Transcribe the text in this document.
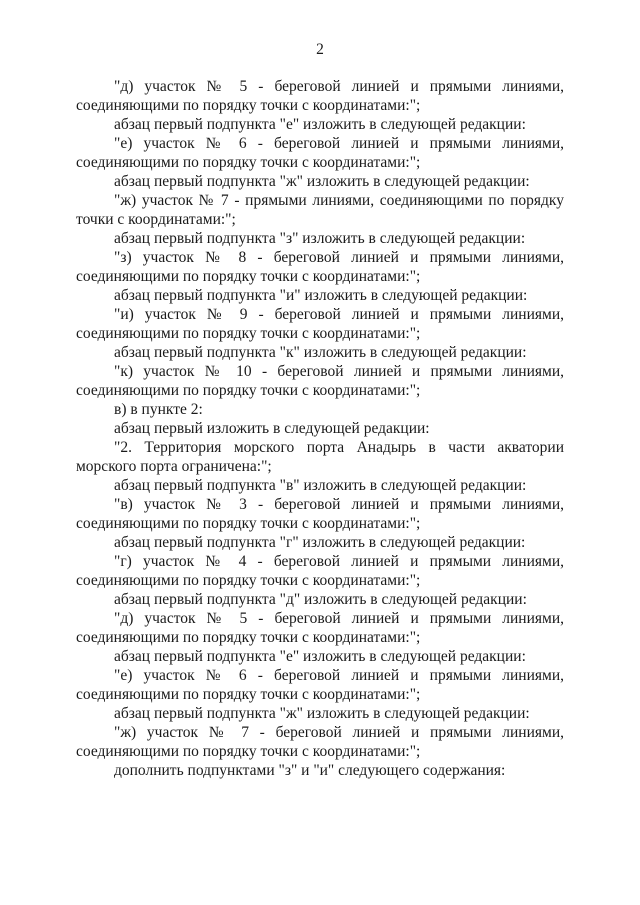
2

"д) участок № 5 - береговой линией и прямыми линиями, соединяющими по порядку точки с координатами:";

абзац первый подпункта "е" изложить в следующей редакции:

"е) участок № 6 - береговой линией и прямыми линиями, соединяющими по порядку точки с координатами:";

абзац первый подпункта "ж" изложить в следующей редакции:

"ж) участок № 7 - прямыми линиями, соединяющими по порядку точки с координатами:";

абзац первый подпункта "з" изложить в следующей редакции:

"з) участок № 8 - береговой линией и прямыми линиями, соединяющими по порядку точки с координатами:";

абзац первый подпункта "и" изложить в следующей редакции:

"и) участок № 9 - береговой линией и прямыми линиями, соединяющими по порядку точки с координатами:";

абзац первый подпункта "к" изложить в следующей редакции:

"к) участок № 10 - береговой линией и прямыми линиями, соединяющими по порядку точки с координатами:";

в) в пункте 2:

абзац первый изложить в следующей редакции:

"2. Территория морского порта Анадырь в части акватории морского порта ограничена:";

абзац первый подпункта "в" изложить в следующей редакции:

"в) участок № 3 - береговой линией и прямыми линиями, соединяющими по порядку точки с координатами:";

абзац первый подпункта "г" изложить в следующей редакции:

"г) участок № 4 - береговой линией и прямыми линиями, соединяющими по порядку точки с координатами:";

абзац первый подпункта "д" изложить в следующей редакции:

"д) участок № 5 - береговой линией и прямыми линиями, соединяющими по порядку точки с координатами:";

абзац первый подпункта "е" изложить в следующей редакции:

"е) участок № 6 - береговой линией и прямыми линиями, соединяющими по порядку точки с координатами:";

абзац первый подпункта "ж" изложить в следующей редакции:

"ж) участок № 7 - береговой линией и прямыми линиями, соединяющими по порядку точки с координатами:";

дополнить подпунктами "з" и "и" следующего содержания:
